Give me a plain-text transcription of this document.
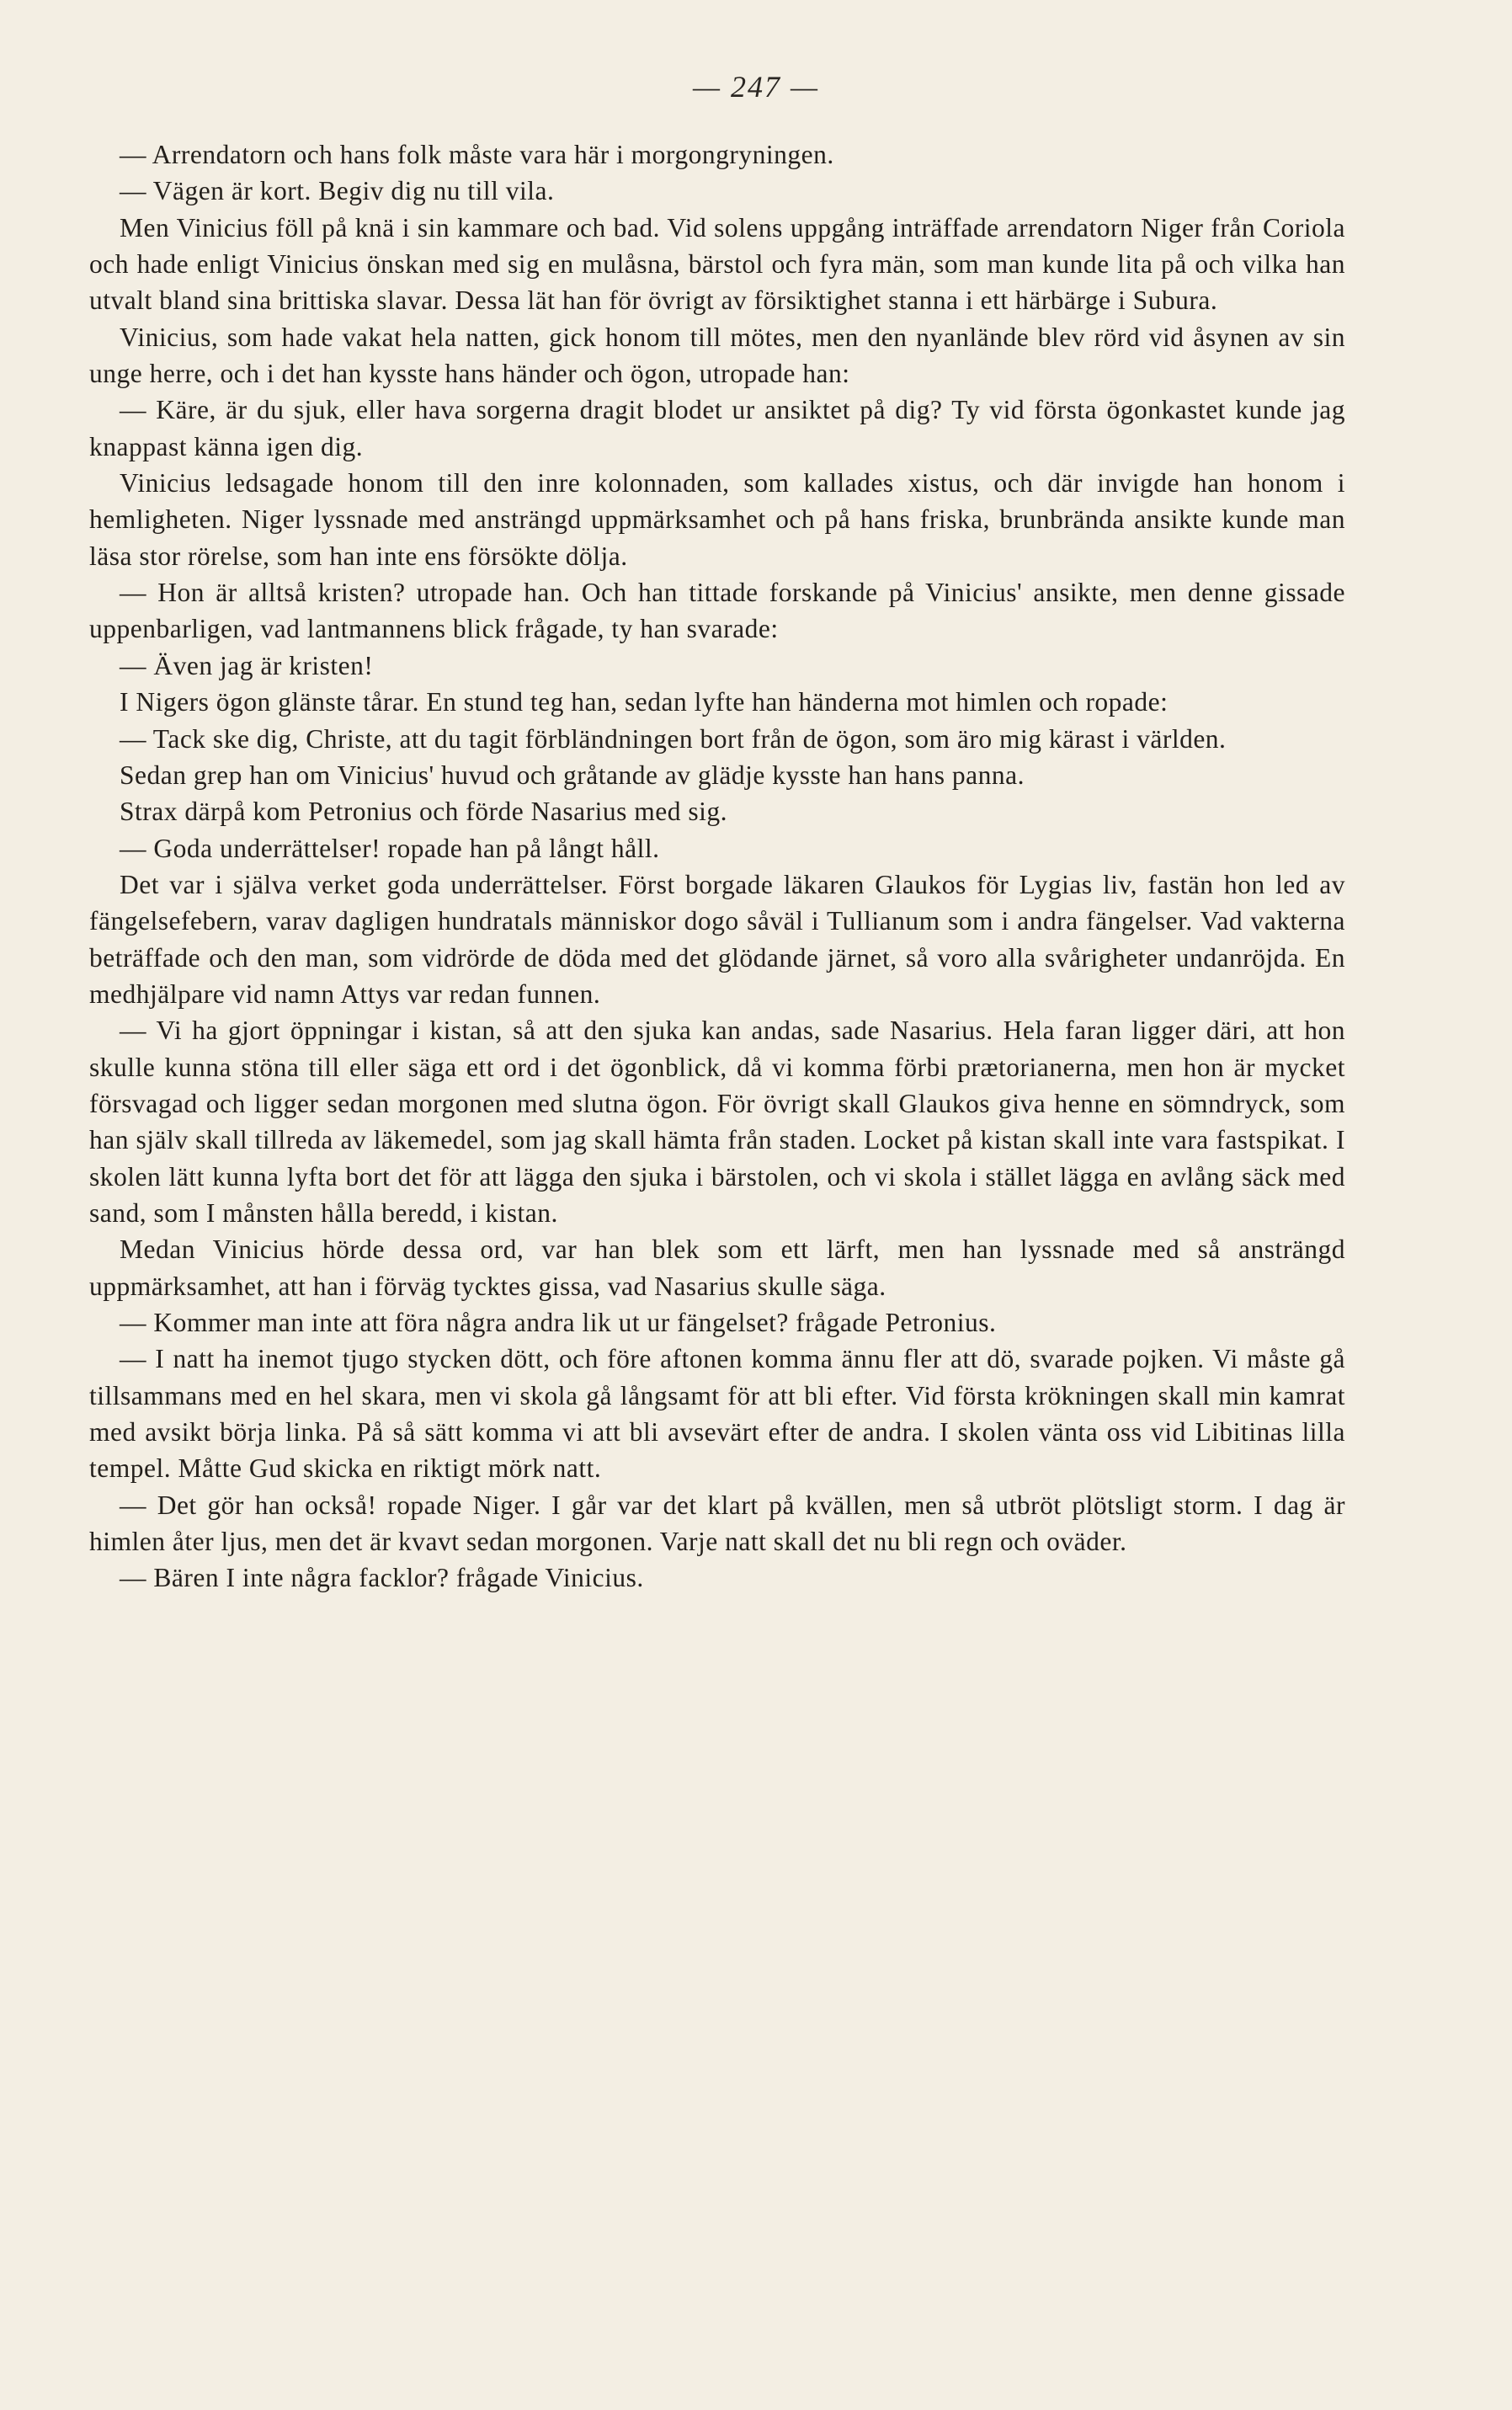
— 247 —

— Arrendatorn och hans folk måste vara här i morgongryningen.

— Vägen är kort. Begiv dig nu till vila.

Men Vinicius föll på knä i sin kammare och bad. Vid solens uppgång inträffade arrendatorn Niger från Coriola och hade enligt Vinicius önskan med sig en mulåsna, bärstol och fyra män, som man kunde lita på och vilka han utvalt bland sina brittiska slavar. Dessa lät han för övrigt av försiktighet stanna i ett härbärge i Subura.

Vinicius, som hade vakat hela natten, gick honom till mötes, men den nyanlände blev rörd vid åsynen av sin unge herre, och i det han kysste hans händer och ögon, utropade han:

— Käre, är du sjuk, eller hava sorgerna dragit blodet ur ansiktet på dig? Ty vid första ögonkastet kunde jag knappast känna igen dig.

Vinicius ledsagade honom till den inre kolonnaden, som kallades xistus, och där invigde han honom i hemligheten. Niger lyssnade med ansträngd uppmärksamhet och på hans friska, brunbrända ansikte kunde man läsa stor rörelse, som han inte ens försökte dölja.

— Hon är alltså kristen? utropade han. Och han tittade forskande på Vinicius' ansikte, men denne gissade uppenbarligen, vad lantmannens blick frågade, ty han svarade:

— Även jag är kristen!

I Nigers ögon glänste tårar. En stund teg han, sedan lyfte han händerna mot himlen och ropade:

— Tack ske dig, Christe, att du tagit förbländningen bort från de ögon, som äro mig kärast i världen.

Sedan grep han om Vinicius' huvud och gråtande av glädje kysste han hans panna.

Strax därpå kom Petronius och förde Nasarius med sig.

— Goda underrättelser! ropade han på långt håll.

Det var i själva verket goda underrättelser. Först borgade läkaren Glaukos för Lygias liv, fastän hon led av fängelsefebern, varav dagligen hundratals människor dogo såväl i Tullianum som i andra fängelser. Vad vakterna beträffade och den man, som vidrörde de döda med det glödande järnet, så voro alla svårigheter undanröjda. En medhjälpare vid namn Attys var redan funnen.

— Vi ha gjort öppningar i kistan, så att den sjuka kan andas, sade Nasarius. Hela faran ligger däri, att hon skulle kunna stöna till eller säga ett ord i det ögonblick, då vi komma förbi prætorianerna, men hon är mycket försvagad och ligger sedan morgonen med slutna ögon. För övrigt skall Glaukos giva henne en sömndryck, som han själv skall tillreda av läkemedel, som jag skall hämta från staden. Locket på kistan skall inte vara fastspikat. I skolen lätt kunna lyfta bort det för att lägga den sjuka i bärstolen, och vi skola i stället lägga en avlång säck med sand, som I månsten hålla beredd, i kistan.

Medan Vinicius hörde dessa ord, var han blek som ett lärft, men han lyssnade med så ansträngd uppmärksamhet, att han i förväg tycktes gissa, vad Nasarius skulle säga.

— Kommer man inte att föra några andra lik ut ur fängelset? frågade Petronius.

— I natt ha inemot tjugo stycken dött, och före aftonen komma ännu fler att dö, svarade pojken. Vi måste gå tillsammans med en hel skara, men vi skola gå långsamt för att bli efter. Vid första krökningen skall min kamrat med avsikt börja linka. På så sätt komma vi att bli avsevärt efter de andra. I skolen vänta oss vid Libitinas lilla tempel. Måtte Gud skicka en riktigt mörk natt.

— Det gör han också! ropade Niger. I går var det klart på kvällen, men så utbröt plötsligt storm. I dag är himlen åter ljus, men det är kvavt sedan morgonen. Varje natt skall det nu bli regn och oväder.

— Bären I inte några facklor? frågade Vinicius.
